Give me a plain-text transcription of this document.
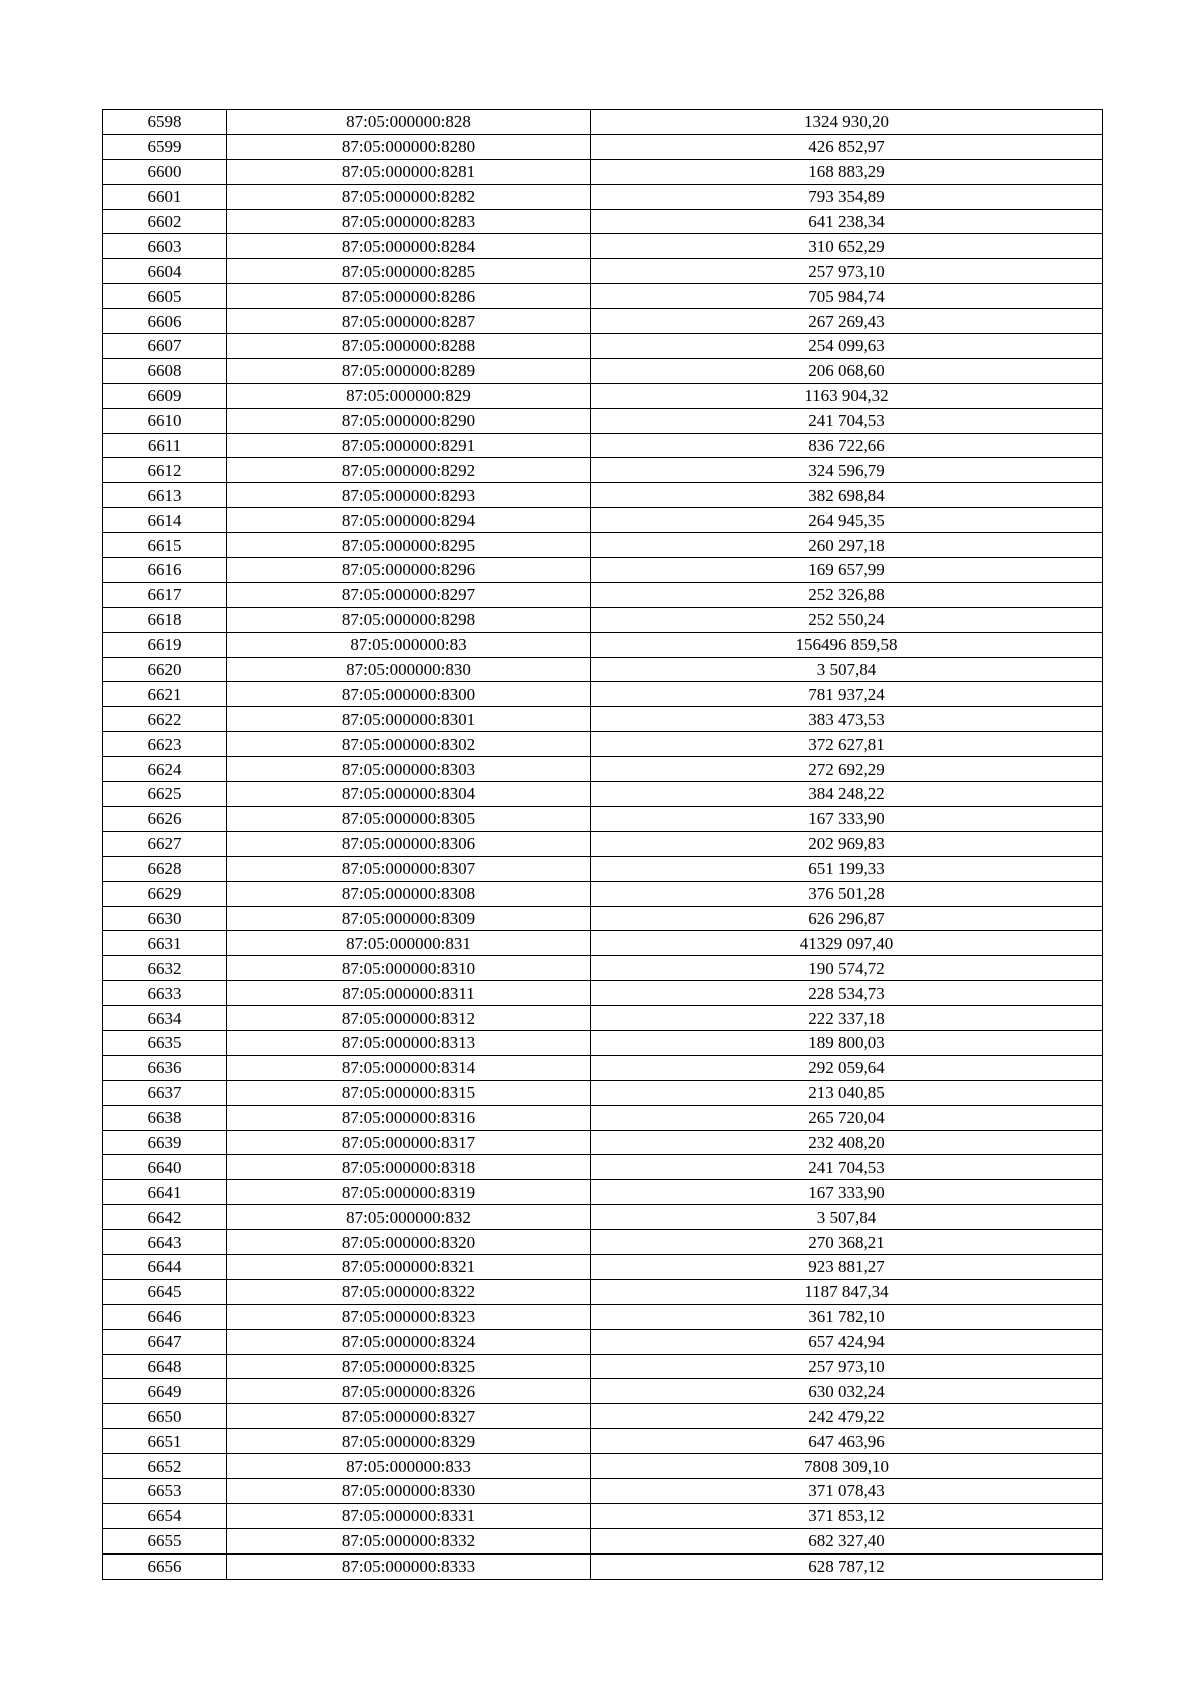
6598	87:05:000000:828	1324 930,20
6599	87:05:000000:8280	426 852,97
6600	87:05:000000:8281	168 883,29
6601	87:05:000000:8282	793 354,89
6602	87:05:000000:8283	641 238,34
6603	87:05:000000:8284	310 652,29
6604	87:05:000000:8285	257 973,10
6605	87:05:000000:8286	705 984,74
6606	87:05:000000:8287	267 269,43
6607	87:05:000000:8288	254 099,63
6608	87:05:000000:8289	206 068,60
6609	87:05:000000:829	1163 904,32
6610	87:05:000000:8290	241 704,53
6611	87:05:000000:8291	836 722,66
6612	87:05:000000:8292	324 596,79
6613	87:05:000000:8293	382 698,84
6614	87:05:000000:8294	264 945,35
6615	87:05:000000:8295	260 297,18
6616	87:05:000000:8296	169 657,99
6617	87:05:000000:8297	252 326,88
6618	87:05:000000:8298	252 550,24
6619	87:05:000000:83	156496 859,58
6620	87:05:000000:830	3 507,84
6621	87:05:000000:8300	781 937,24
6622	87:05:000000:8301	383 473,53
6623	87:05:000000:8302	372 627,81
6624	87:05:000000:8303	272 692,29
6625	87:05:000000:8304	384 248,22
6626	87:05:000000:8305	167 333,90
6627	87:05:000000:8306	202 969,83
6628	87:05:000000:8307	651 199,33
6629	87:05:000000:8308	376 501,28
6630	87:05:000000:8309	626 296,87
6631	87:05:000000:831	41329 097,40
6632	87:05:000000:8310	190 574,72
6633	87:05:000000:8311	228 534,73
6634	87:05:000000:8312	222 337,18
6635	87:05:000000:8313	189 800,03
6636	87:05:000000:8314	292 059,64
6637	87:05:000000:8315	213 040,85
6638	87:05:000000:8316	265 720,04
6639	87:05:000000:8317	232 408,20
6640	87:05:000000:8318	241 704,53
6641	87:05:000000:8319	167 333,90
6642	87:05:000000:832	3 507,84
6643	87:05:000000:8320	270 368,21
6644	87:05:000000:8321	923 881,27
6645	87:05:000000:8322	1187 847,34
6646	87:05:000000:8323	361 782,10
6647	87:05:000000:8324	657 424,94
6648	87:05:000000:8325	257 973,10
6649	87:05:000000:8326	630 032,24
6650	87:05:000000:8327	242 479,22
6651	87:05:000000:8329	647 463,96
6652	87:05:000000:833	7808 309,10
6653	87:05:000000:8330	371 078,43
6654	87:05:000000:8331	371 853,12
6655	87:05:000000:8332	682 327,40
6656	87:05:000000:8333	628 787,12
